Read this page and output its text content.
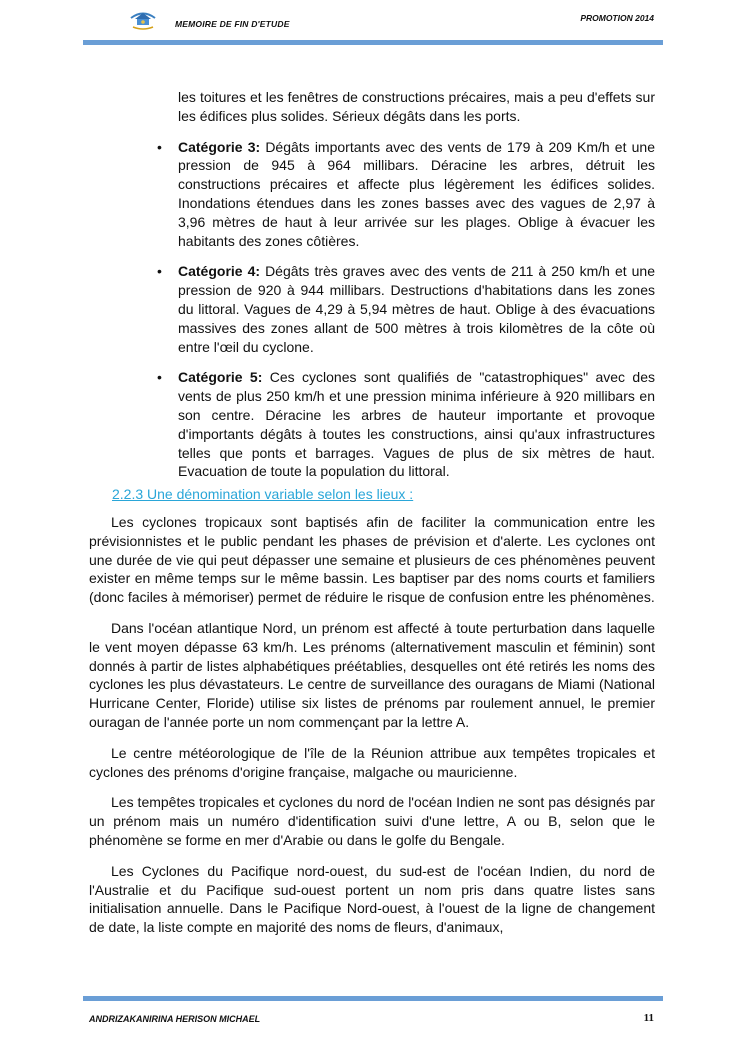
MEMOIRE DE FIN D'ETUDE
PROMOTION 2014

les toitures et les fenêtres de constructions précaires, mais a peu d'effets sur les édifices plus solides. Sérieux dégâts dans les ports.

• Catégorie 3: Dégâts importants avec des vents de 179 à 209 Km/h et une pression de 945 à 964 millibars. Déracine les arbres, détruit les constructions précaires et affecte plus légèrement les édifices solides. Inondations étendues dans les zones basses avec des vagues de 2,97 à 3,96 mètres de haut à leur arrivée sur les plages. Oblige à évacuer les habitants des zones côtières.

• Catégorie 4: Dégâts très graves avec des vents de 211 à 250 km/h et une pression de 920 à 944 millibars. Destructions d'habitations dans les zones du littoral. Vagues de 4,29 à 5,94 mètres de haut. Oblige à des évacuations massives des zones allant de 500 mètres à trois kilomètres de la côte où entre l'œil du cyclone.

• Catégorie 5: Ces cyclones sont qualifiés de "catastrophiques" avec des vents de plus 250 km/h et une pression minima inférieure à 920 millibars en son centre. Déracine les arbres de hauteur importante et provoque d'importants dégâts à toutes les constructions, ainsi qu'aux infrastructures telles que ponts et barrages. Vagues de plus de six mètres de haut. Evacuation de toute la population du littoral.

2.2.3 Une dénomination variable selon les lieux :

Les cyclones tropicaux sont baptisés afin de faciliter la communication entre les prévisionnistes et le public pendant les phases de prévision et d'alerte. Les cyclones ont une durée de vie qui peut dépasser une semaine et plusieurs de ces phénomènes peuvent exister en même temps sur le même bassin. Les baptiser par des noms courts et familiers (donc faciles à mémoriser) permet de réduire le risque de confusion entre les phénomènes.

Dans l'océan atlantique Nord, un prénom est affecté à toute perturbation dans laquelle le vent moyen dépasse 63 km/h. Les prénoms (alternativement masculin et féminin) sont donnés à partir de listes alphabétiques préétablies, desquelles ont été retirés les noms des cyclones les plus dévastateurs. Le centre de surveillance des ouragans de Miami (National Hurricane Center, Floride) utilise six listes de prénoms par roulement annuel, le premier ouragan de l'année porte un nom commençant par la lettre A.

Le centre météorologique de l'île de la Réunion attribue aux tempêtes tropicales et cyclones des prénoms d'origine française, malgache ou mauricienne.

Les tempêtes tropicales et cyclones du nord de l'océan Indien ne sont pas désignés par un prénom mais un numéro d'identification suivi d'une lettre, A ou B, selon que le phénomène se forme en mer d'Arabie ou dans le golfe du Bengale.

Les Cyclones du Pacifique nord-ouest, du sud-est de l'océan Indien, du nord de l'Australie et du Pacifique sud-ouest portent un nom pris dans quatre listes sans initialisation annuelle. Dans le Pacifique Nord-ouest, à l'ouest de la ligne de changement de date, la liste compte en majorité des noms de fleurs, d'animaux,

ANDRIZAKANIRINA HERISON MICHAEL	11
